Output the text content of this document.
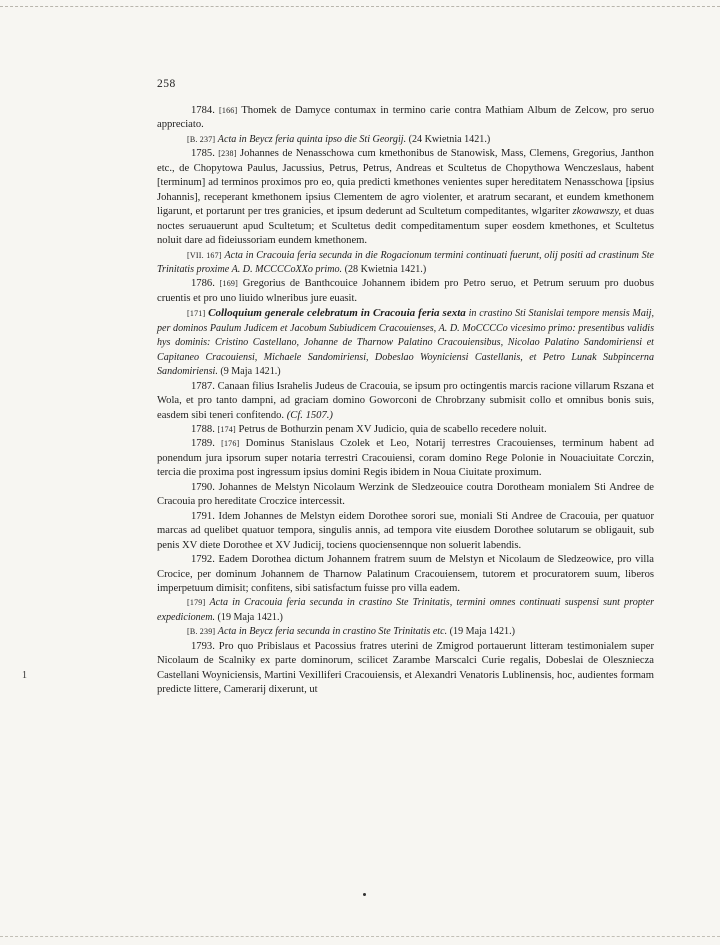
258

1784. [166] Thomek de Damyce contumax in termino carie contra Mathiam Album de Zelcow, pro seruo appreciato.

[B. 237] Acta in Beycz feria quinta ipso die Sti Georgij. (24 Kwietnia 1421.)

1785. [238] Johannes de Nenasschowa cum kmethonibus de Stanowisk, Mass, Clemens, Gregorius, Janthon etc., de Chopytowa Paulus, Jacussius, Petrus, Petrus, Andreas et Scultetus de Chopythowa Wenczeslaus, habent [terminum] ad terminos proximos pro eo, quia predicti kmethones venientes super hereditatem Nenasschowa [ipsius Johannis], receperant kmethonem ipsius Clementem de agro violenter, et aratrum secarant, et eundem kmethonem ligarunt, et portarunt per tres granicies, et ipsum dederunt ad Scultetum compeditantes, wlgariter zkowawszy, et duas noctes seruauerunt apud Scultetum; et Scultetus dedit compeditamentum super eosdem kmethones, et Scultetus noluit dare ad fideiussoriam eundem kmethonem.

[VII. 167] Acta in Cracouia feria secunda in die Rogacionum termini continuati fuerunt, olij positi ad crastinum Ste Trinitatis proxime A. D. MCCCCoXXo primo. (28 Kwietnia 1421.)

1786. [169] Gregorius de Banthcouice Johannem ibidem pro Petro seruo, et Petrum seruum pro duobus cruentis et pro uno liuido wlneribus jure euasit.

[171] Colloquium generale celebratum in Cracouia feria sexta in crastino Sti Stanislai tempore mensis Maij, per dominos Paulum Judicem et Jacobum Subiudicem Cracouienses, A. D. MoCCCCo vicesimo primo: presentibus validis hys dominis: Cristino Castellano, Johanne de Tharnow Palatino Cracouiensibus, Nicolao Palatino Sandomiriensi et Capitaneo Cracouiensi, Michaele Sandomiriensi, Dobeslao Woyniciensi Castellanis, et Petro Lunak Subpincerna Sandomiriensi. (9 Maja 1421.)

1787. Canaan filius Israhelis Judeus de Cracouia, se ipsum pro octingentis marcis racione villarum Rszana et Wola, et pro tanto dampni, ad graciam domino Goworconi de Chrobrzany submisit collo et omnibus bonis suis, easdem sibi teneri confitendo. (Cf. 1507.)

1788. [174] Petrus de Bothurzin penam XV Judicio, quia de scabello recedere noluit.

1789. [176] Dominus Stanislaus Czolek et Leo, Notarij terrestres Cracouienses, terminum habent ad ponendum jura ipsorum super notaria terrestri Cracouiensi, coram domino Rege Polonie in Nouaciuitate Corczin, tercia die proxima post ingressum ipsius domini Regis ibidem in Noua Ciuitate proximum.

1790. Johannes de Melstyn Nicolaum Werzink de Sledzeouice coutra Dorotheam monialem Sti Andree de Cracouia pro hereditate Croczice intercessit.

1791. Idem Johannes de Melstyn eidem Dorothee sorori sue, moniali Sti Andree de Cracouia, per quatuor marcas ad quelibet quatuor tempora, singulis annis, ad tempora vite eiusdem Dorothee solutarum se obligauit, sub penis XV diete Dorothee et XV Judicij, tociens quociensennque non soluerit labendis.

1792. Eadem Dorothea dictum Johannem fratrem suum de Melstyn et Nicolaum de Sledzeowice, pro villa Crocice, per dominum Johannem de Tharnow Palatinum Cracouiensem, tutorem et procuratorem suum, liberos imperpetuum dimisit; confitens, sibi satisfactum fuisse pro villa eadem.

[179] Acta in Cracouia feria secunda in crastino Ste Trinitatis, termini omnes continuati suspensi sunt propter expedicionem. (19 Maja 1421.)

[B. 239] Acta in Beycz feria secunda in crastino Ste Trinitatis etc. (19 Maja 1421.)

1793. Pro quo Pribislaus et Pacossius fratres uterini de Zmigrod portauerunt litteram testimonialem super Nicolaum de Scalniky ex parte dominorum, scilicet Zarambe Marscalci Curie regalis, Dobeslai de Oleszniecza Castellani Woyniciensis, Martini Vexilliferi Cracouiensis, et Alexandri Venatoris Lublinensis, hoc, audientes formam predicte littere, Camerarij dixerunt, ut

1
